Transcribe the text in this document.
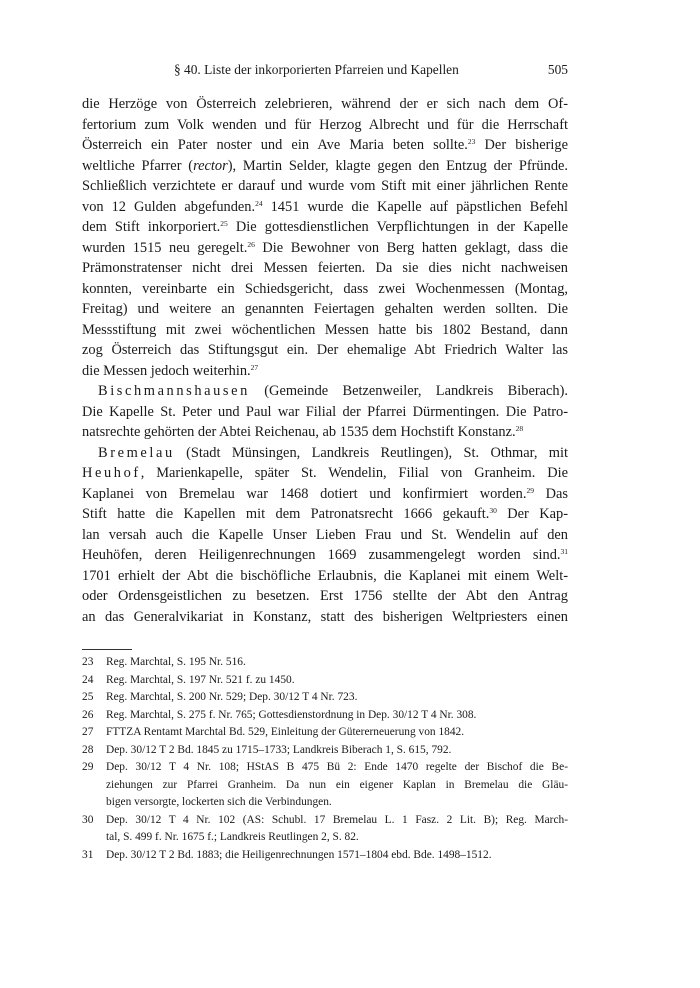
§ 40. Liste der inkorporierten Pfarreien und Kapellen	505
die Herzöge von Österreich zelebrieren, während der er sich nach dem Of-
fertorium zum Volk wenden und für Herzog Albrecht und für die Herrschaft
Österreich ein Pater noster und ein Ave Maria beten sollte.$^{23}$ Der bisherige
weltliche Pfarrer (rector), Martin Selder, klagte gegen den Entzug der Pfründe.
Schließlich verzichtete er darauf und wurde vom Stift mit einer jährlichen Rente
von 12 Gulden abgefunden.$^{24}$ 1451 wurde die Kapelle auf päpstlichen Befehl
dem Stift inkorporiert.$^{25}$ Die gottesdienstlichen Verpflichtungen in der Kapelle
wurden 1515 neu geregelt.$^{26}$ Die Bewohner von Berg hatten geklagt, dass die
Prämonstratenser nicht drei Messen feierten. Da sie dies nicht nachweisen
konnten, vereinbarte ein Schiedsgericht, dass zwei Wochenmessen (Montag,
Freitag) und weitere an genannten Feiertagen gehalten werden sollten. Die
Messstiftung mit zwei wöchentlichen Messen hatte bis 1802 Bestand, dann
zog Österreich das Stiftungsgut ein. Der ehemalige Abt Friedrich Walter las
die Messen jedoch weiterhin.$^{27}$
Bischmannshausen (Gemeinde Betzenweiler, Landkreis Biberach).
Die Kapelle St. Peter und Paul war Filial der Pfarrei Dürmentingen. Die Patro-
natsrechte gehörten der Abtei Reichenau, ab 1535 dem Hochstift Konstanz.$^{28}$
Bremelau (Stadt Münsingen, Landkreis Reutlingen), St. Othmar, mit
Heuhof, Marienkapelle, später St. Wendelin, Filial von Granheim. Die
Kaplanei von Bremelau war 1468 dotiert und konfirmiert worden.$^{29}$ Das
Stift hatte die Kapellen mit dem Patronatsrecht 1666 gekauft.$^{30}$ Der Kap-
lan versah auch die Kapelle Unser Lieben Frau und St. Wendelin auf den
Heuhöfen, deren Heiligenrechnungen 1669 zusammengelegt worden sind.$^{31}$
1701 erhielt der Abt die bischöfliche Erlaubnis, die Kaplanei mit einem Welt-
oder Ordensgeistlichen zu besetzen. Erst 1756 stellte der Abt den Antrag
an das Generalvikariat in Konstanz, statt des bisherigen Weltpriesters einen
23 Reg. Marchtal, S. 195 Nr. 516.
24 Reg. Marchtal, S. 197 Nr. 521 f. zu 1450.
25 Reg. Marchtal, S. 200 Nr. 529; Dep. 30/12 T 4 Nr. 723.
26 Reg. Marchtal, S. 275 f. Nr. 765; Gottesdienstordnung in Dep. 30/12 T 4 Nr. 308.
27 FTTZA Rentamt Marchtal Bd. 529, Einleitung der Gütererneuerung von 1842.
28 Dep. 30/12 T 2 Bd. 1845 zu 1715–1733; Landkreis Biberach 1, S. 615, 792.
29 Dep. 30/12 T 4 Nr. 108; HStAS B 475 Bü 2: Ende 1470 regelte der Bischof die Be-
ziehungen zur Pfarrei Granheim. Da nun ein eigener Kaplan in Bremelau die Gläu-
bigen versorgte, lockerten sich die Verbindungen.
30 Dep. 30/12 T 4 Nr. 102 (AS: Schubl. 17 Bremelau L. 1 Fasz. 2 Lit. B); Reg. March-
tal, S. 499 f. Nr. 1675 f.; Landkreis Reutlingen 2, S. 82.
31 Dep. 30/12 T 2 Bd. 1883; die Heiligenrechnungen 1571–1804 ebd. Bde. 1498–1512.
